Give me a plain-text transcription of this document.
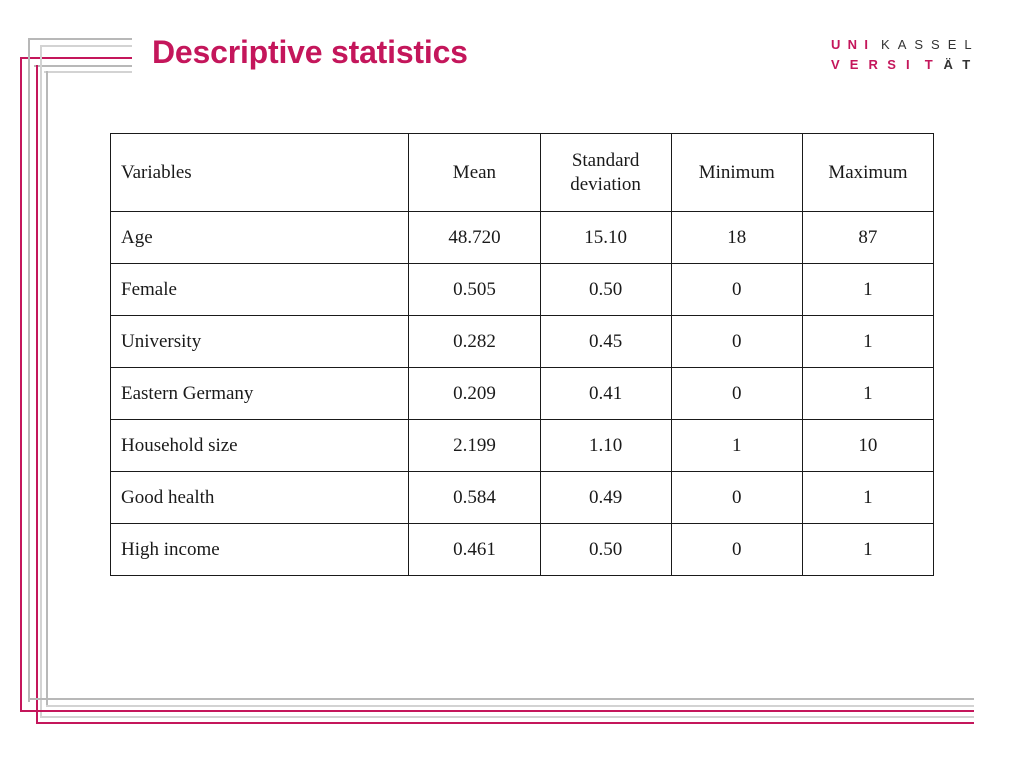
Descriptive statistics	U N I	K A S S E L
V E R S I	T Ä T
Variables	Mean	Standard deviation	Minimum	Maximum
Age	48.720	15.10	18	87
Female	0.505	0.50	0	1
University	0.282	0.45	0	1
Eastern Germany	0.209	0.41	0	1
Household size	2.199	1.10	1	10
Good health	0.584	0.49	0	1
High income	0.461	0.50	0	1
